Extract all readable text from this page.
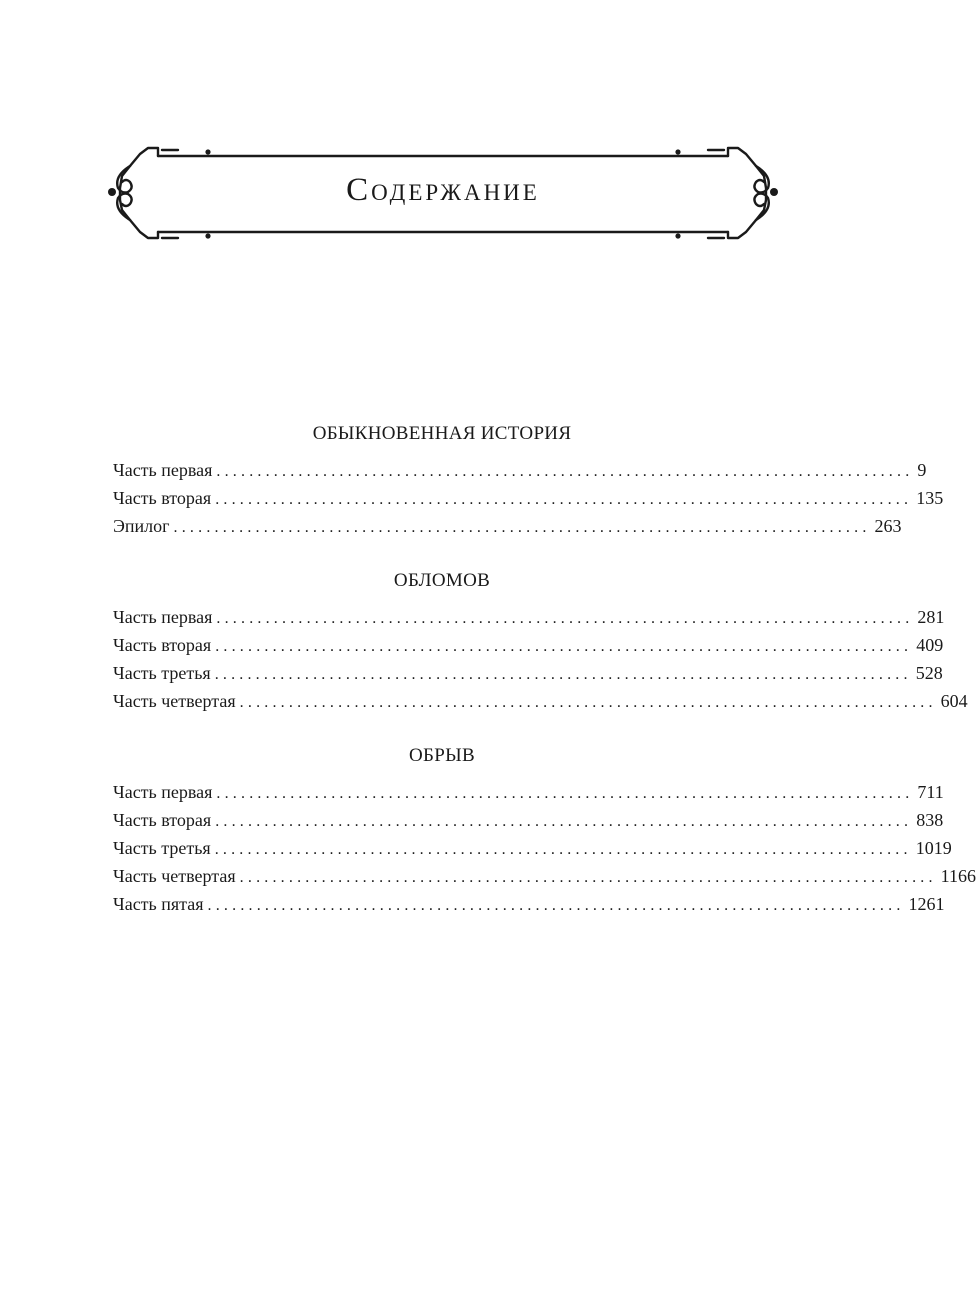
Содержание
ОБЫКНОВЕННАЯ ИСТОРИЯ
Часть первая ..................................................................................... 9
Часть вторая ..................................................................................... 135
Эпилог ..................................................................................... 263
ОБЛОМОВ
Часть первая ..................................................................................... 281
Часть вторая ..................................................................................... 409
Часть третья ..................................................................................... 528
Часть четвертая ..................................................................................... 604
ОБРЫВ
Часть первая ..................................................................................... 711
Часть вторая ..................................................................................... 838
Часть третья ..................................................................................... 1019
Часть четвертая ..................................................................................... 1166
Часть пятая ..................................................................................... 1261
